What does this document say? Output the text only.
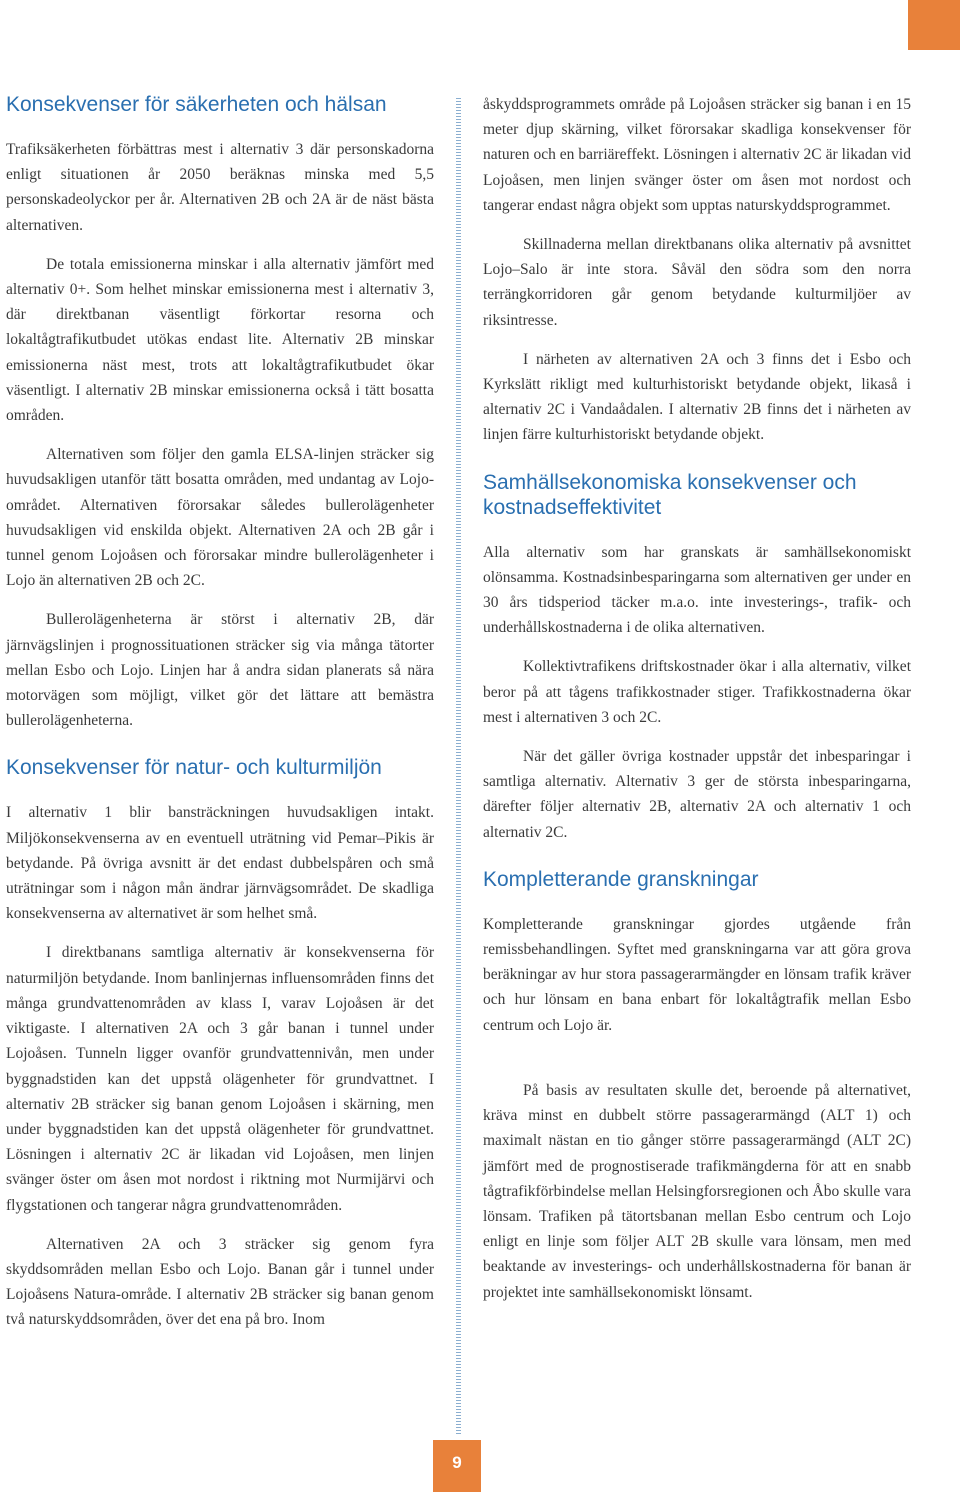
Konsekvenser för säkerheten och hälsan

Trafiksäkerheten förbättras mest i alternativ 3 där personskadorna enligt situationen år 2050 beräknas minska med 5,5 personskadeolyckor per år. Alternativen 2B och 2A är de näst bästa alternativen.

De totala emissionerna minskar i alla alternativ jämfört med alternativ 0+. Som helhet minskar emissionerna mest i alternativ 3, där direktbanan väsentligt förkortar resorna och lokaltågtrafikutbudet utökas endast lite. Alternativ 2B minskar emissionerna näst mest, trots att lokaltågtrafikutbudet ökar väsentligt. I alternativ 2B minskar emissionerna också i tätt bosatta områden.

Alternativen som följer den gamla ELSA-linjen sträcker sig huvudsakligen utanför tätt bosatta områden, med undantag av Lojo-området. Alternativen förorsakar således bullerolägenheter huvudsakligen vid enskilda objekt. Alternativen 2A och 2B går i tunnel genom Lojoåsen och förorsakar mindre bullerolägenheter i Lojo än alternativen 2B och 2C.

Bullerolägenheterna är störst i alternativ 2B, där järnvägslinjen i prognossituationen sträcker sig via många tätorter mellan Esbo och Lojo. Linjen har å andra sidan planerats så nära motorvägen som möjligt, vilket gör det lättare att bemästra bullerolägenheterna.

Konsekvenser för natur- och kulturmiljön

I alternativ 1 blir bansträckningen huvudsakligen intakt. Miljökonsekvenserna av en eventuell uträtning vid Pemar–Pikis är betydande. På övriga avsnitt är det endast dubbelspåren och små uträtningar som i någon mån ändrar järnvägsområdet. De skadliga konsekvenserna av alternativet är som helhet små.

I direktbanans samtliga alternativ är konsekvenserna för naturmiljön betydande. Inom banlinjernas influensområden finns det många grundvattenområden av klass I, varav Lojoåsen är det viktigaste. I alternativen 2A och 3 går banan i tunnel under Lojoåsen. Tunneln ligger ovanför grundvattennivån, men under byggnadstiden kan det uppstå olägenheter för grundvattnet. I alternativ 2B sträcker sig banan genom Lojoåsen i skärning, men under byggnadstiden kan det uppstå olägenheter för grundvattnet. Lösningen i alternativ 2C är likadan vid Lojoåsen, men linjen svänger öster om åsen mot nordost i riktning mot Nurmijärvi och flygstationen och tangerar några grundvattenområden.

Alternativen 2A och 3 sträcker sig genom fyra skyddsområden mellan Esbo och Lojo. Banan går i tunnel under Lojoåsens Natura-område. I alternativ 2B sträcker sig banan genom två naturskyddsområden, över det ena på bro. Inom

åskyddsprogrammets område på Lojoåsen sträcker sig banan i en 15 meter djup skärning, vilket förorsakar skadliga konsekvenser för naturen och en barriäreffekt. Lösningen i alternativ 2C är likadan vid Lojoåsen, men linjen svänger öster om åsen mot nordost och tangerar endast några objekt som upptas naturskyddsprogrammet.

Skillnaderna mellan direktbanans olika alternativ på avsnittet Lojo–Salo är inte stora. Såväl den södra som den norra terrängkorridoren går genom betydande kulturmiljöer av riksintresse.

I närheten av alternativen 2A och 3 finns det i Esbo och Kyrkslätt rikligt med kulturhistoriskt betydande objekt, likaså i alternativ 2C i Vandaådalen. I alternativ 2B finns det i närheten av linjen färre kulturhistoriskt betydande objekt.

Samhällsekonomiska konsekvenser och kostnadseffektivitet

Alla alternativ som har granskats är samhällsekonomiskt olönsamma. Kostnadsinbesparingarna som alternativen ger under en 30 års tidsperiod täcker m.a.o. inte investerings-, trafik- och underhållskostnaderna i de olika alternativen.

Kollektivtrafikens driftskostnader ökar i alla alternativ, vilket beror på att tågens trafikkostnader stiger. Trafikkostnaderna ökar mest i alternativen 3 och 2C.

När det gäller övriga kostnader uppstår det inbesparingar i samtliga alternativ. Alternativ 3 ger de största inbesparingarna, därefter följer alternativ 2B, alternativ 2A och alternativ 1 och alternativ 2C.

Kompletterande granskningar

Kompletterande granskningar gjordes utgående från remissbehandlingen. Syftet med granskningarna var att göra grova beräkningar av hur stora passagerarmängder en lönsam trafik kräver och hur lönsam en bana enbart för lokaltågtrafik mellan Esbo centrum och Lojo är.

På basis av resultaten skulle det, beroende på alternativet, kräva minst en dubbelt större passagerarmängd (ALT 1) och maximalt nästan en tio gånger större passagerarmängd (ALT 2C) jämfört med de prognostiserade trafikmängderna för att en snabb tågtrafikförbindelse mellan Helsingforsregionen och Åbo skulle vara lönsam. Trafiken på tätortsbanan mellan Esbo centrum och Lojo enligt en linje som följer ALT 2B skulle vara lönsam, men med beaktande av investerings- och underhållskostnaderna för banan är projektet inte samhällsekonomiskt lönsamt.

9
